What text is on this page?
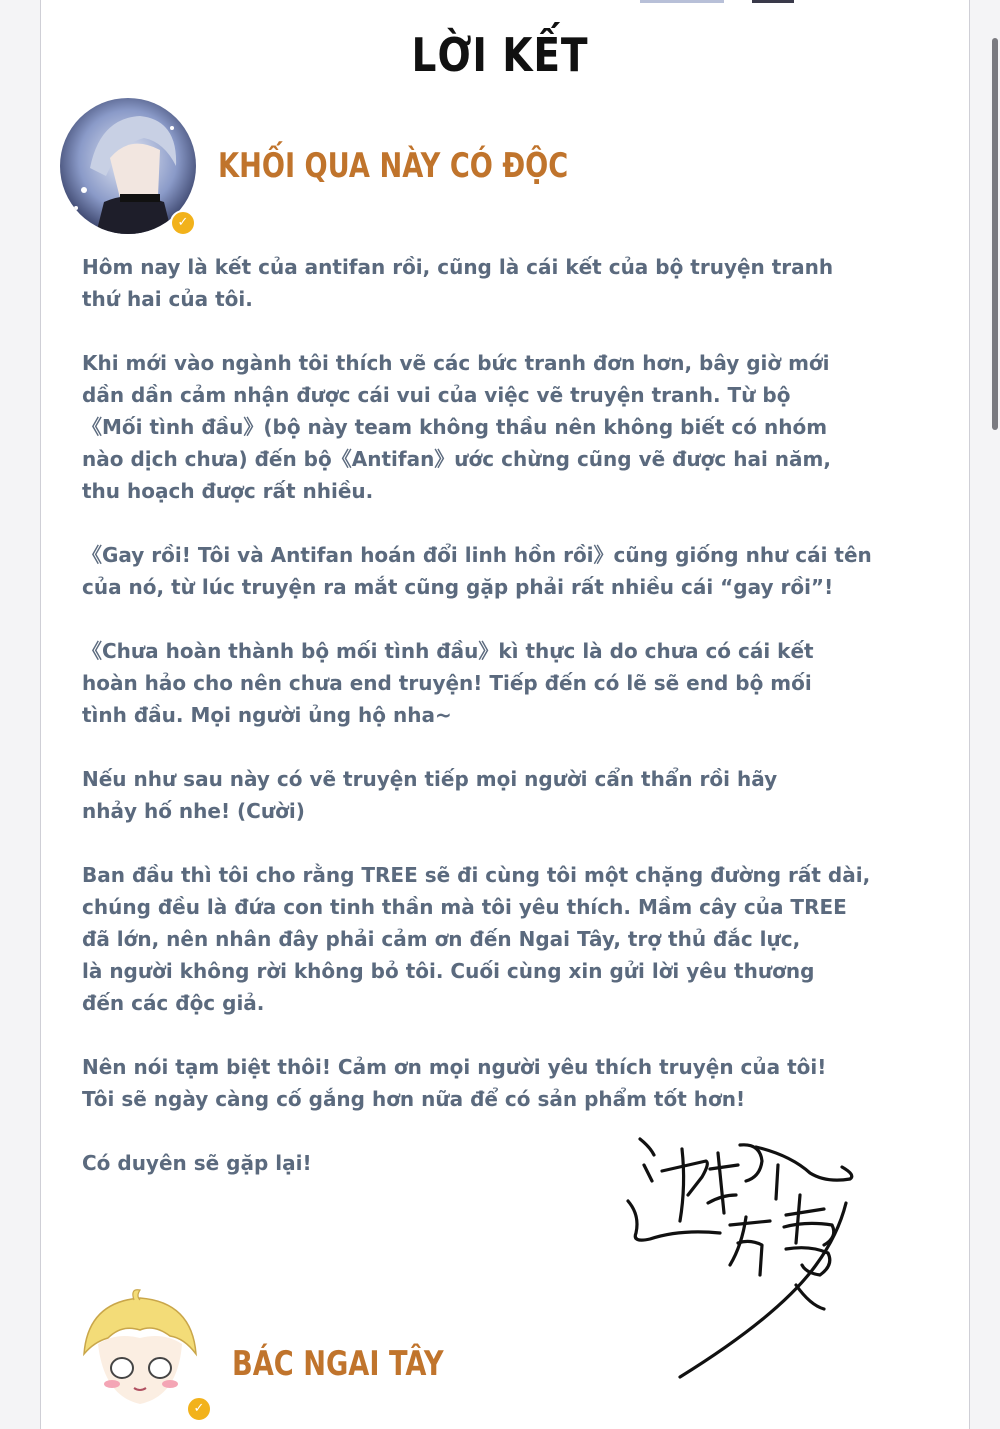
LỜI KẾT
✓
KHỐI QUA NÀY CÓ ĐỘC

Hôm nay là kết của antifan rồi, cũng là cái kết của bộ truyện tranh
thứ hai của tôi.

Khi mới vào ngành tôi thích vẽ các bức tranh đơn hơn, bây giờ mới
dần dần cảm nhận được cái vui của việc vẽ truyện tranh. Từ bộ
《Mối tình đầu》(bộ này team không thầu nên không biết có nhóm
nào dịch chưa) đến bộ《Antifan》ước chừng cũng vẽ được hai năm,
thu hoạch được rất nhiều.

《Gay rồi! Tôi và Antifan hoán đổi linh hồn rồi》cũng giống như cái tên
của nó, từ lúc truyện ra mắt cũng gặp phải rất nhiều cái “gay rồi”!

《Chưa hoàn thành bộ mối tình đầu》kì thực là do chưa có cái kết
hoàn hảo cho nên chưa end truyện! Tiếp đến có lẽ sẽ end bộ mối
tình đầu. Mọi người ủng hộ nha~

Nếu như sau này có vẽ truyện tiếp mọi người cẩn thẩn rồi hãy
nhảy hố nhe! (Cười)

Ban đầu thì tôi cho rằng TREE sẽ đi cùng tôi một chặng đường rất dài,
chúng đều là đứa con tinh thần mà tôi yêu thích. Mầm cây của TREE
đã lớn, nên nhân đây phải cảm ơn đến Ngai Tây, trợ thủ đắc lực,
là người không rời không bỏ tôi. Cuối cùng xin gửi lời yêu thương
đến các độc giả.

Nên nói tạm biệt thôi! Cảm ơn mọi người yêu thích truyện của tôi!
Tôi sẽ ngày càng cố gắng hơn nữa để có sản phẩm tốt hơn!

Có duyên sẽ gặp lại!

✓
BÁC NGAI TÂY
